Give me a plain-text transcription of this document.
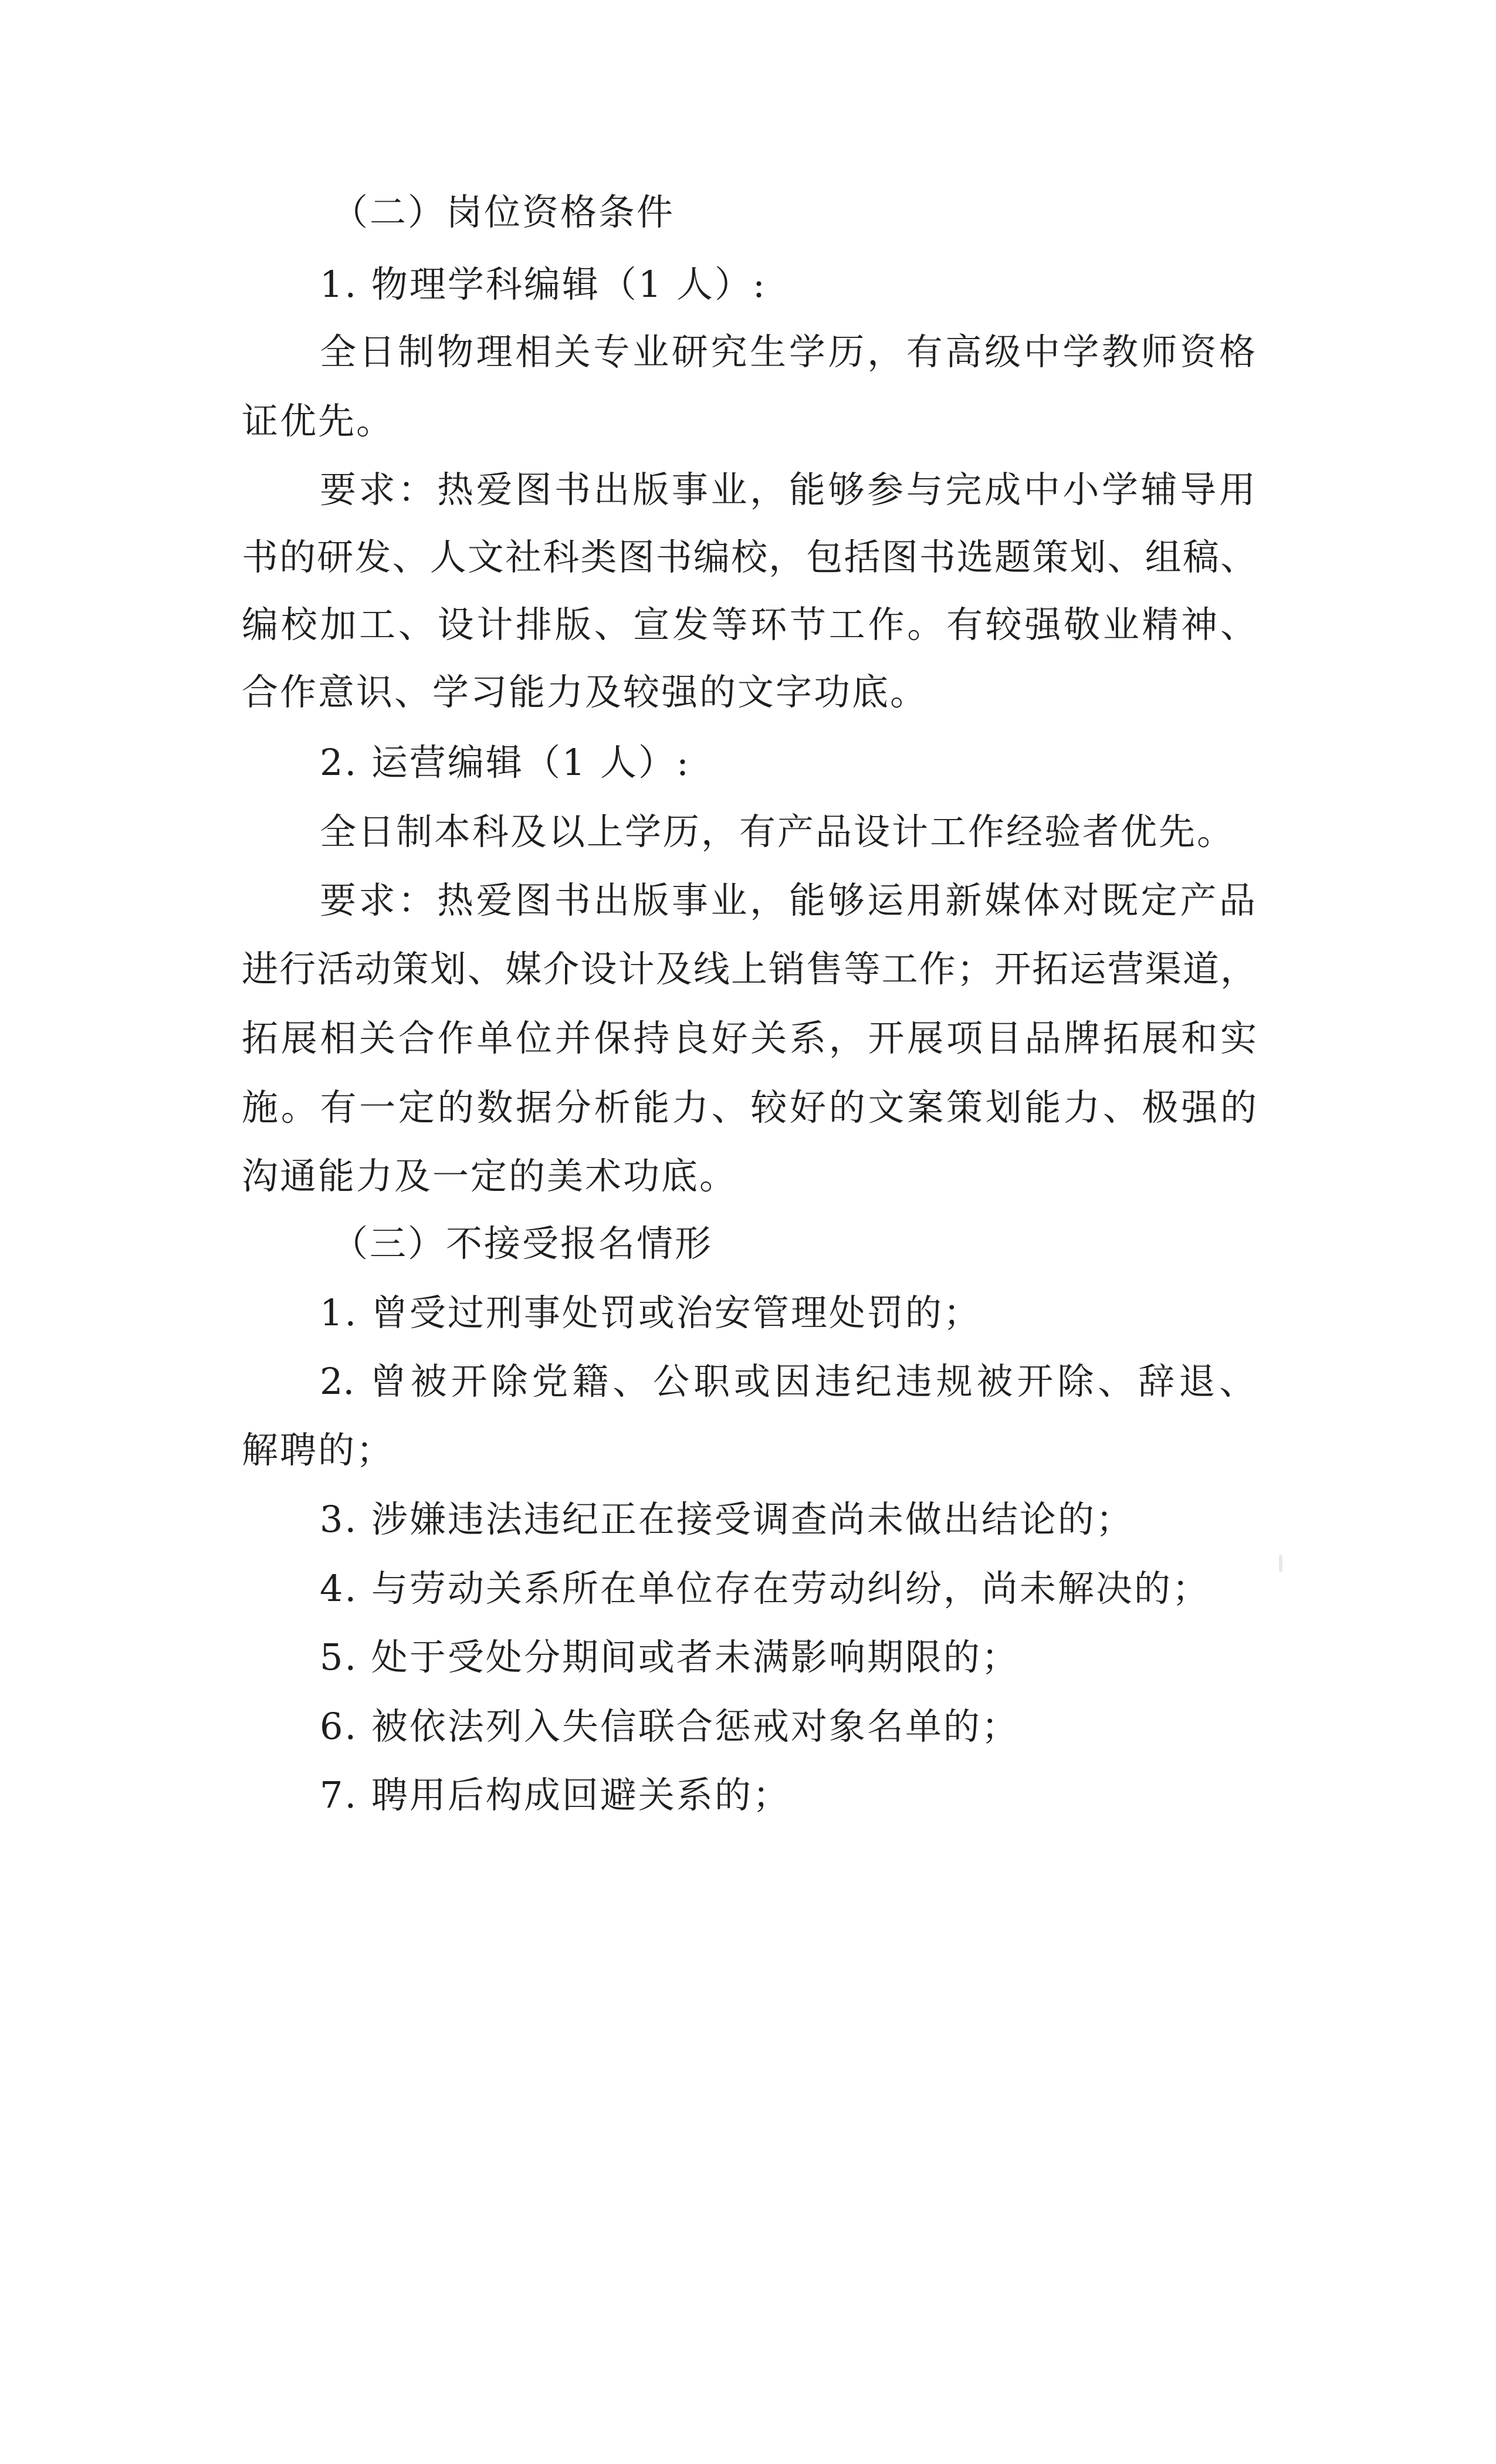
（二）岗位资格条件
1. 物理学科编辑（1 人）:
全日制物理相关专业研究生学历，有高级中学教师资格
证优先。
要求：热爱图书出版事业，能够参与完成中小学辅导用
书的研发、人文社科类图书编校，包括图书选题策划、组稿、
编校加工、设计排版、宣发等环节工作。有较强敬业精神、
合作意识、学习能力及较强的文字功底。
2. 运营编辑（1 人）:
全日制本科及以上学历，有产品设计工作经验者优先。
要求：热爱图书出版事业，能够运用新媒体对既定产品
进行活动策划、媒介设计及线上销售等工作；开拓运营渠道，
拓展相关合作单位并保持良好关系，开展项目品牌拓展和实
施。有一定的数据分析能力、较好的文案策划能力、极强的
沟通能力及一定的美术功底。
（三）不接受报名情形
1. 曾受过刑事处罚或治安管理处罚的；
2. 曾被开除党籍、公职或因违纪违规被开除、辞退、
解聘的；
3. 涉嫌违法违纪正在接受调查尚未做出结论的；
4. 与劳动关系所在单位存在劳动纠纷，尚未解决的；
5. 处于受处分期间或者未满影响期限的；
6. 被依法列入失信联合惩戒对象名单的；
7. 聘用后构成回避关系的；
